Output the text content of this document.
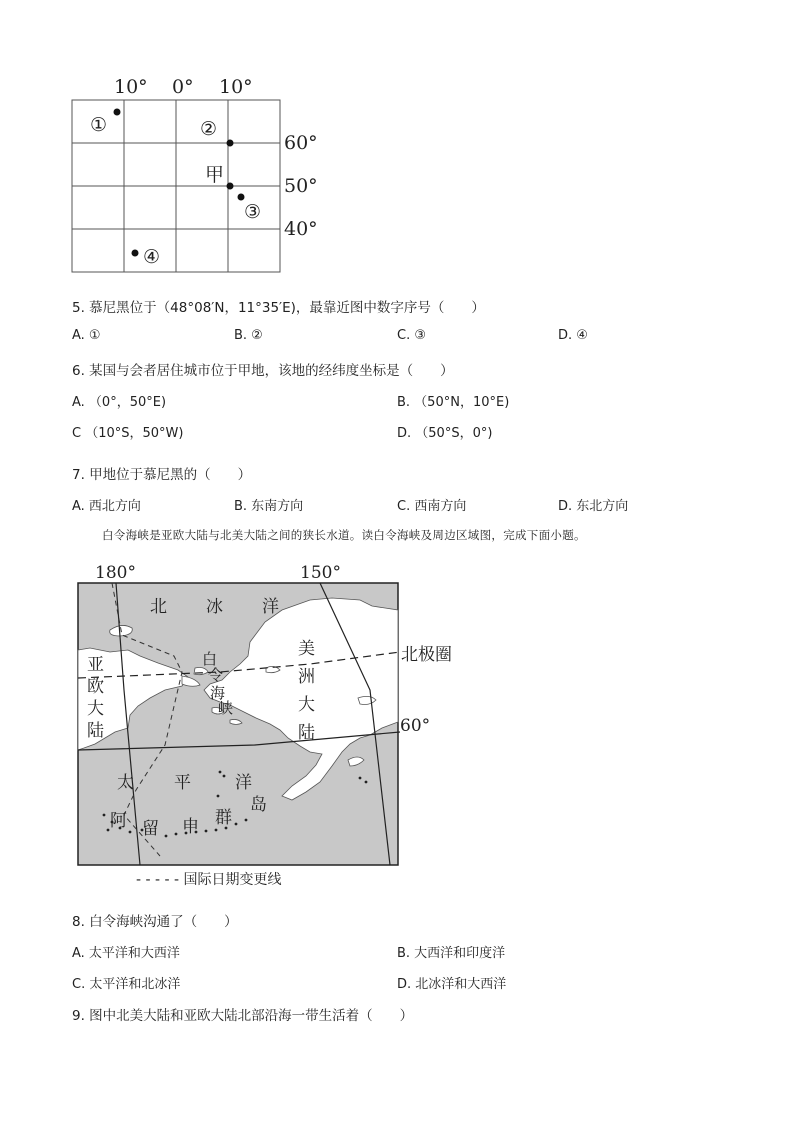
10° 0° 10°
60°
50°
40°
①	②
③
④
甲
5. 慕尼黑位于（48°08′N，11°35′E)，最靠近图中数字序号（　　）
A. ①	B. ②	C. ③	D. ④
6. 某国与会者居住城市位于甲地，该地的经纬度坐标是（　　）
A. （0°，50°E)	B. （50°N，10°E)
C （10°S，50°W)	D. （50°S，0°)
7. 甲地位于慕尼黑的（　　）
A. 西北方向	B. 东南方向	C. 西南方向	D. 东北方向
白令海峡是亚欧大陆与北美大陆之间的狭长水道。读白令海峡及周边区域图，完成下面小题。
180°	150°
60°
北极圈
北 冰 洋
亚
欧
大
陆
美
洲
大
陆
白
令
海
峡
太 平	洋
阿 留 申 群
岛
- - - - - 国际日期变更线
8. 白令海峡沟通了（　　）
A. 太平洋和大西洋	B. 大西洋和印度洋
C. 太平洋和北冰洋	D. 北冰洋和大西洋
9. 图中北美大陆和亚欧大陆北部沿海一带生活着（　　）
